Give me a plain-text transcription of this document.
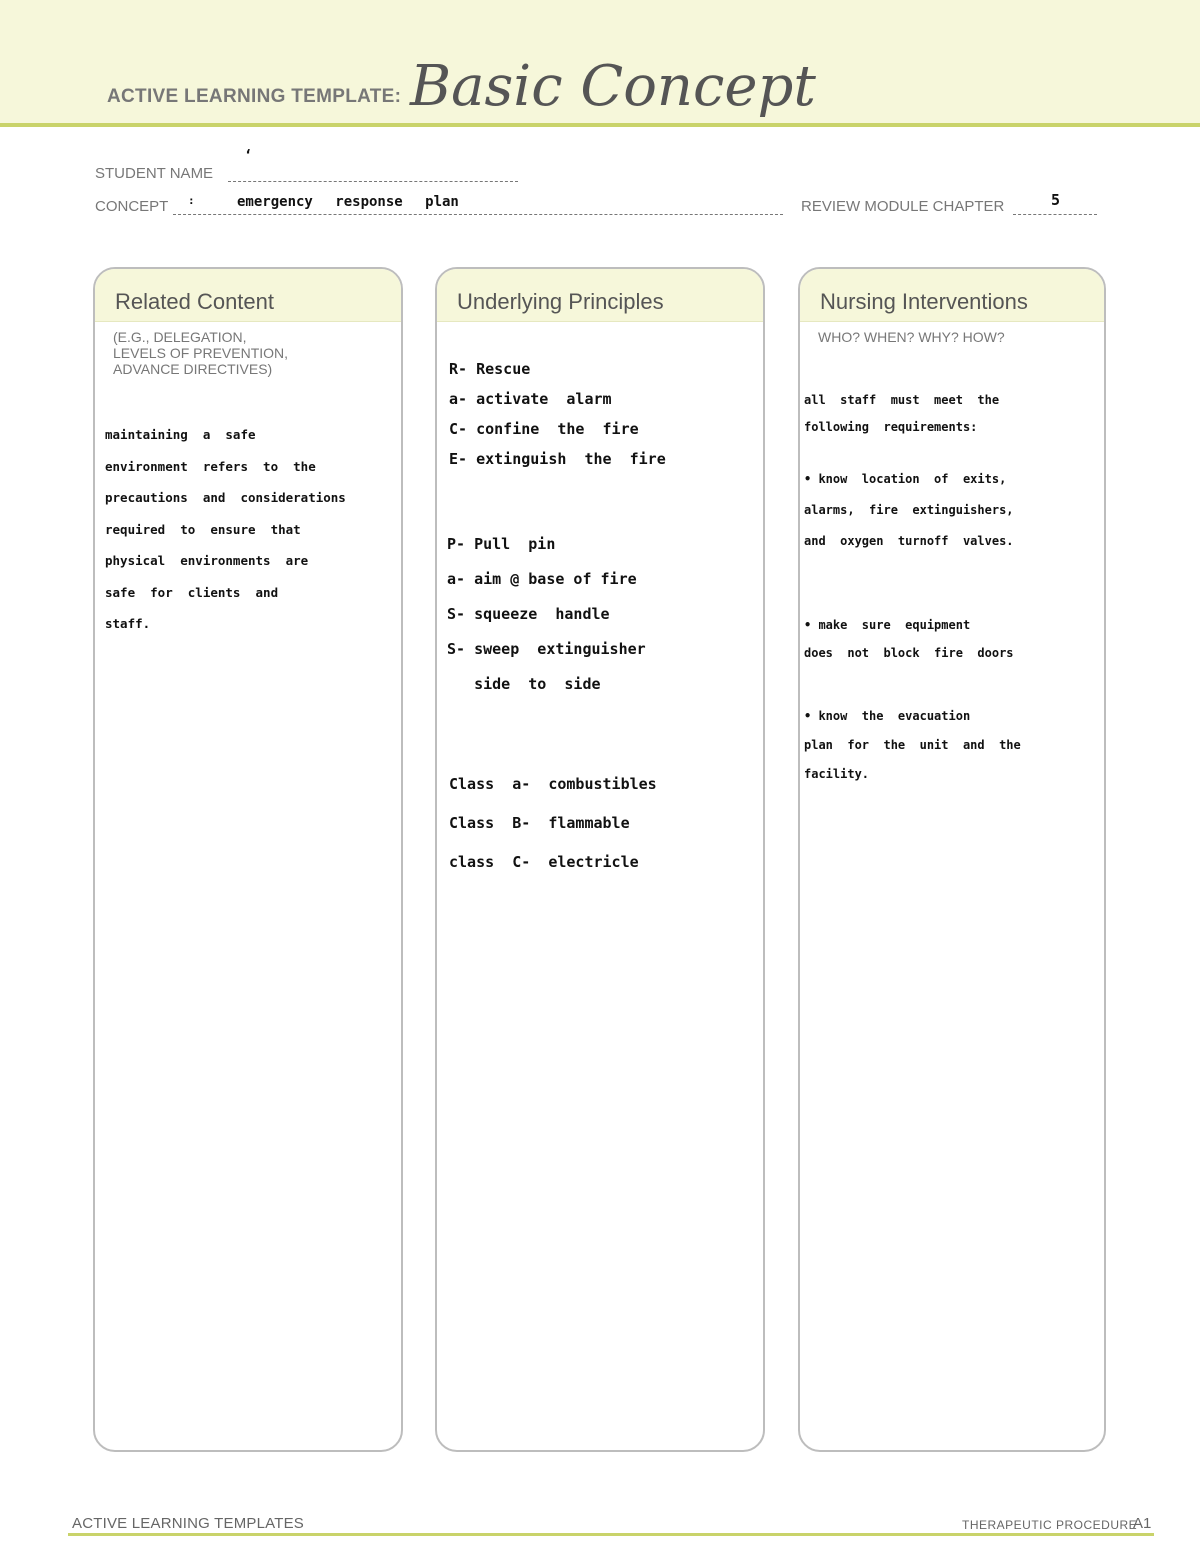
ACTIVE LEARNING TEMPLATE: Basic Concept
STUDENT NAME
‘
CONCEPT :	emergency response plan	REVIEW MODULE CHAPTER	5
Related Content
(E.G., DELEGATION,
LEVELS OF PREVENTION,
ADVANCE DIRECTIVES)
maintaining  a  safe
environment  refers  to  the
precautions  and  considerations
required  to  ensure  that
physical  environments  are
safe  for  clients  and
staff.
Underlying Principles
R- Rescue
a- activate  alarm
C- confine  the  fire
E- extinguish  the  fire
P- Pull  pin
a- aim @ base of fire
S- squeeze  handle
S- sweep  extinguisher
side  to  side
Class  a-  combustibles
Class  B-  flammable
class  C-  electricle
Nursing Interventions
WHO? WHEN? WHY? HOW?
all  staff  must  meet  the
following  requirements:
• know  location  of  exits,
alarms,  fire  extinguishers,
and  oxygen  turnoff  valves.
• make  sure  equipment
does  not  block  fire  doors
• know  the  evacuation
plan  for  the  unit  and  the
facility.
ACTIVE LEARNING TEMPLATES	THERAPEUTIC PROCEDURE
A1
